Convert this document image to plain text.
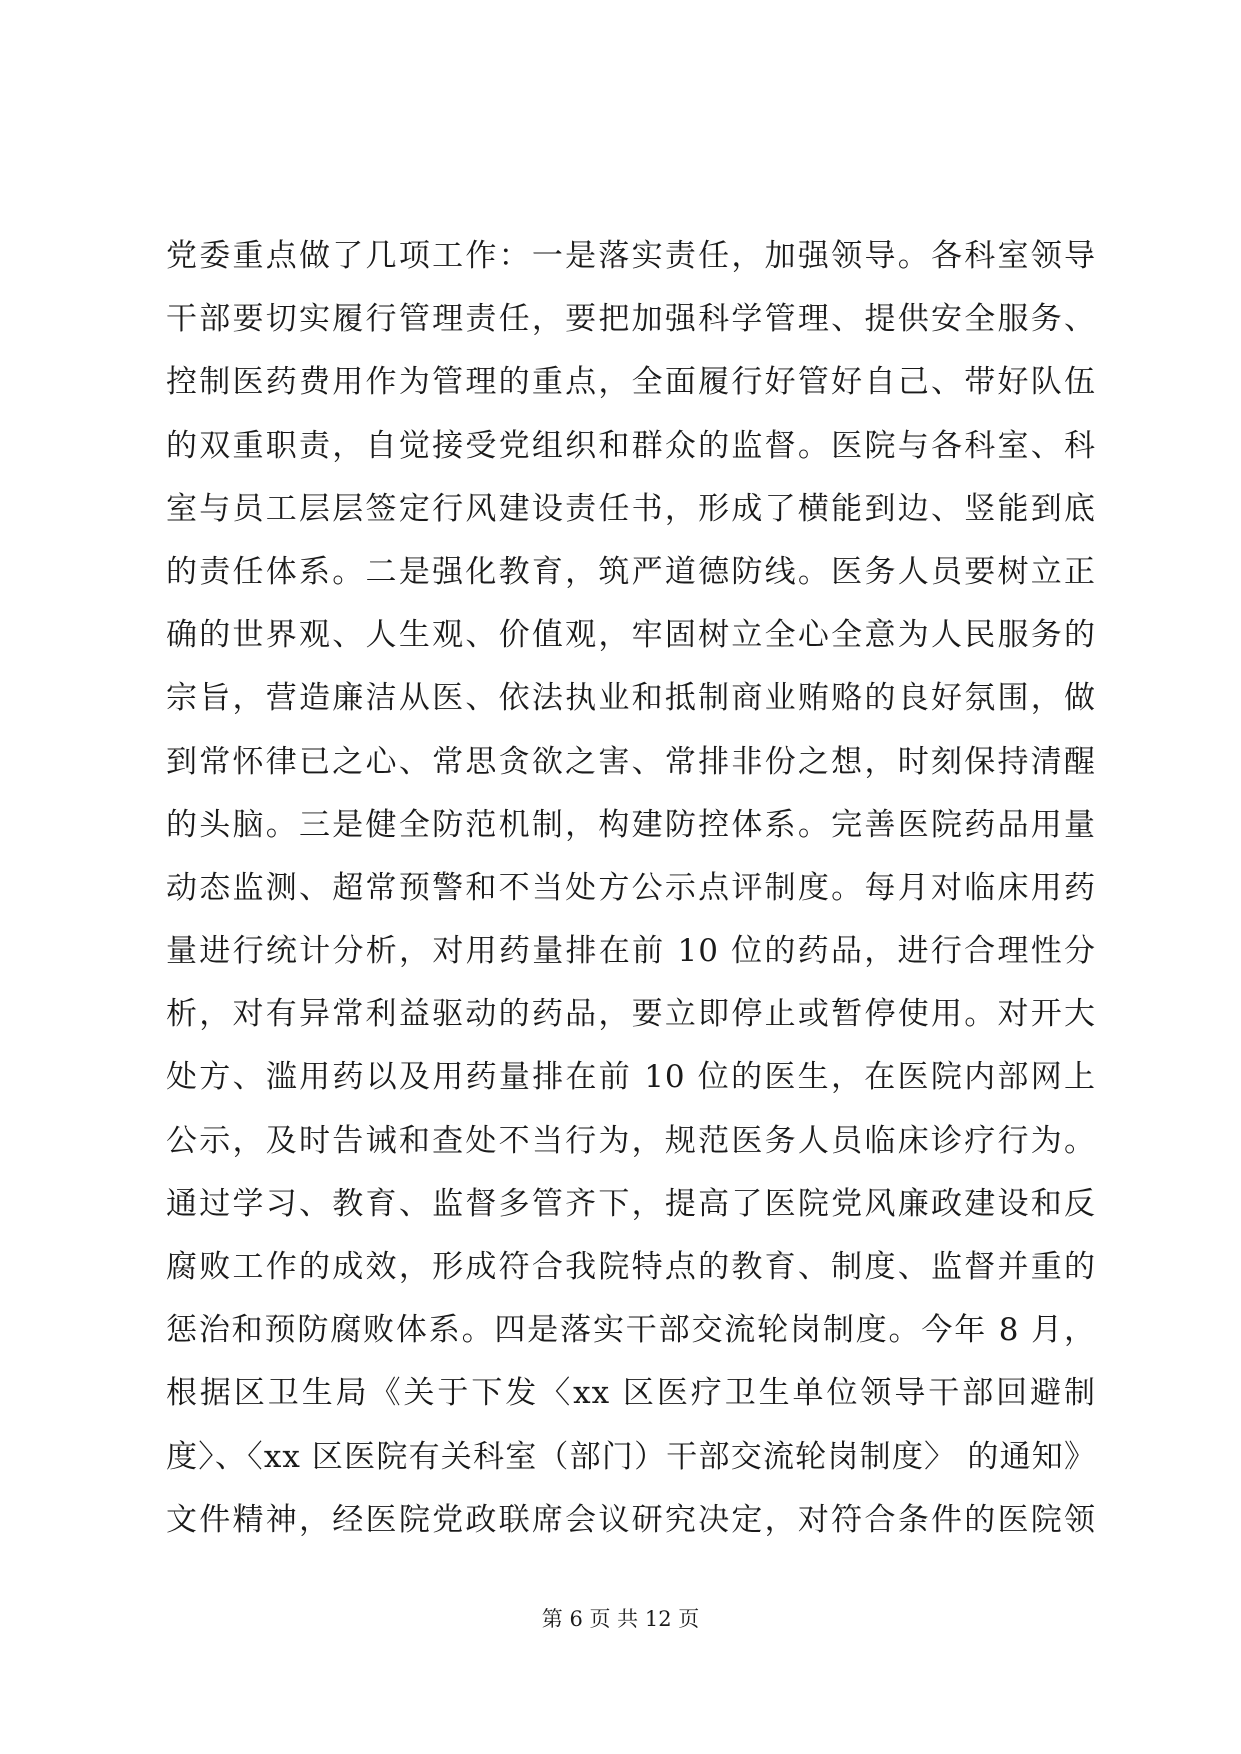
党委重点做了几项工作：一是落实责任，加强领导。各科室领导
干部要切实履行管理责任，要把加强科学管理、提供安全服务、
控制医药费用作为管理的重点，全面履行好管好自己、带好队伍
的双重职责，自觉接受党组织和群众的监督。医院与各科室、科
室与员工层层签定行风建设责任书，形成了横能到边、竖能到底
的责任体系。二是强化教育，筑严道德防线。医务人员要树立正
确的世界观、人生观、价值观，牢固树立全心全意为人民服务的
宗旨，营造廉洁从医、依法执业和抵制商业贿赂的良好氛围，做
到常怀律已之心、常思贪欲之害、常排非份之想，时刻保持清醒
的头脑。三是健全防范机制，构建防控体系。完善医院药品用量
动态监测、超常预警和不当处方公示点评制度。每月对临床用药
量进行统计分析，对用药量排在前 10 位的药品，进行合理性分
析，对有异常利益驱动的药品，要立即停止或暂停使用。对开大
处方、滥用药以及用药量排在前 10 位的医生，在医院内部网上
公示，及时告诫和查处不当行为，规范医务人员临床诊疗行为。
通过学习、教育、监督多管齐下，提高了医院党风廉政建设和反
腐败工作的成效，形成符合我院特点的教育、制度、监督并重的
惩治和预防腐败体系。四是落实干部交流轮岗制度。今年 8 月，
根据区卫生局《关于下发〈xx 区医疗卫生单位领导干部回避制
度〉、〈xx 区医院有关科室（部门）干部交流轮岗制度〉 的通知》
文件精神，经医院党政联席会议研究决定，对符合条件的医院领
第 6 页 共 12 页
